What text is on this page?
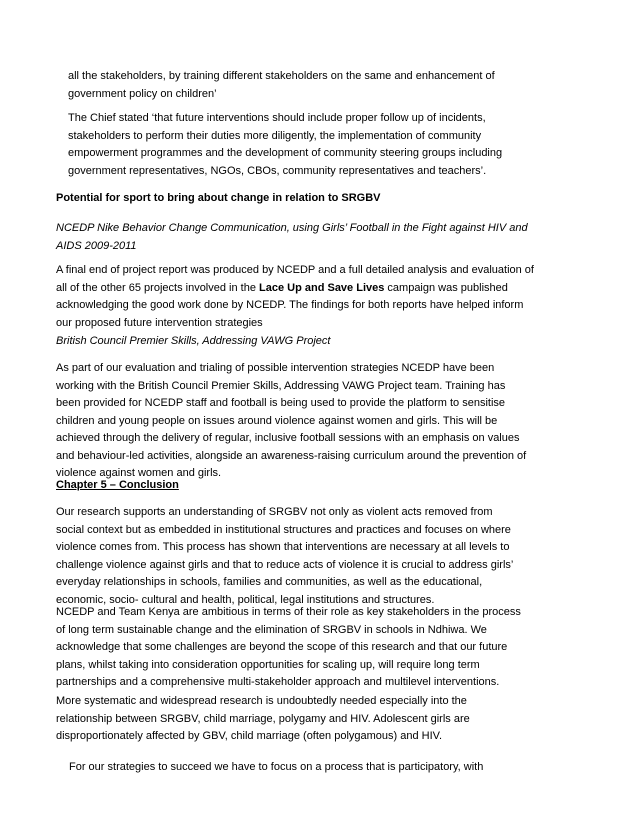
all the stakeholders, by training different stakeholders on the same and enhancement of
government policy on children’

The Chief stated ‘that future interventions should include proper follow up of incidents,
stakeholders to perform their duties more diligently, the implementation of community
empowerment programmes and the development of community steering groups including
government representatives, NGOs, CBOs, community representatives and teachers’.

Potential for sport to bring about change in relation to SRGBV

NCEDP Nike Behavior Change Communication, using Girls’ Football in the Fight against HIV and
AIDS 2009-2011

A final end of project report was produced by NCEDP and a full detailed analysis and evaluation of
all of the other 65 projects involved in the Lace Up and Save Lives campaign was published
acknowledging the good work done by NCEDP. The findings for both reports have helped inform
our proposed future intervention strategies

British Council Premier Skills, Addressing VAWG Project

As part of our evaluation and trialing of possible intervention strategies NCEDP have been
working with the British Council Premier Skills, Addressing VAWG Project team. Training has
been provided for NCEDP staff and football is being used to provide the platform to sensitise
children and young people on issues around violence against women and girls. This will be
achieved through the delivery of regular, inclusive football sessions with an emphasis on values
and behaviour-led activities, alongside an awareness-raising curriculum around the prevention of
violence against women and girls.

Chapter 5 – Conclusion

Our research supports an understanding of SRGBV not only as violent acts removed from
social context but as embedded in institutional structures and practices and focuses on where
violence comes from. This process has shown that interventions are necessary at all levels to
challenge violence against girls and that to reduce acts of violence it is crucial to address girls’
everyday relationships in schools, families and communities, as well as the educational,
economic, socio- cultural and health, political, legal institutions and structures.

NCEDP and Team Kenya are ambitious in terms of their role as key stakeholders in the process
of long term sustainable change and the elimination of SRGBV in schools in Ndhiwa. We
acknowledge that some challenges are beyond the scope of this research and that our future
plans, whilst taking into consideration opportunities for scaling up, will require long term
partnerships and a comprehensive multi-stakeholder approach and multilevel interventions.

More systematic and widespread research is undoubtedly needed especially into the
relationship between SRGBV, child marriage, polygamy and HIV. Adolescent girls are
disproportionately affected by GBV, child marriage (often polygamous) and HIV.

For our strategies to succeed we have to focus on a process that is participatory, with
